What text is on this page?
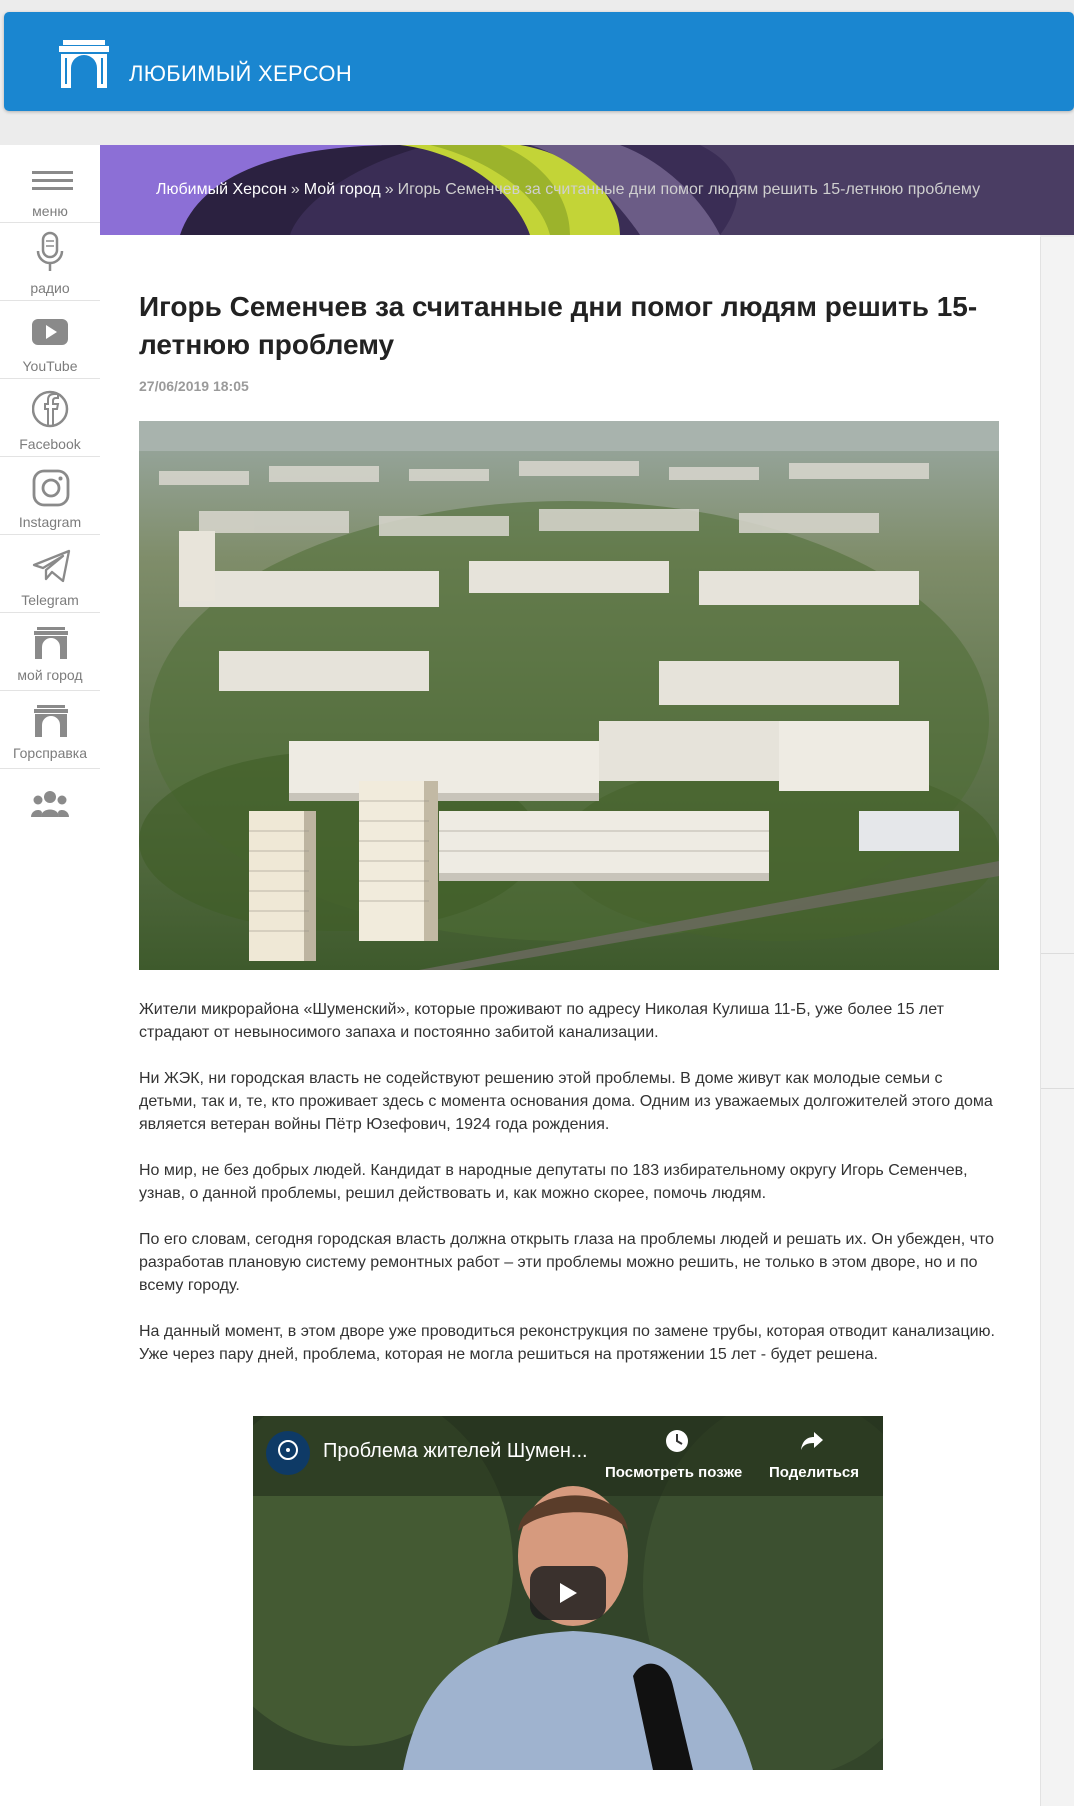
ЛЮБИМЫЙ ХЕРСОН
меню
радио
YouTube
Facebook
Instagram
Telegram
мой город
Горсправка
Любимый Херсон » Мой город » Игорь Семенчев за считанные дни помог людям решить 15-летнюю проблему
Игорь Семенчев за считанные дни помог людям решить 15-летнюю проблему
27/06/2019 18:05

Жители микрорайона «Шуменский», которые проживают по адресу Николая Кулиша 11-Б, уже более 15 лет страдают от невыносимого запаха и постоянно забитой канализации.

Ни ЖЭК, ни городская власть не содействуют решению этой проблемы. В доме живут как молодые семьи с детьми, так и, те, кто проживает здесь с момента основания дома. Одним из уважаемых долгожителей этого дома является ветеран войны Пётр Юзефович, 1924 года рождения.

Но мир, не без добрых людей. Кандидат в народные депутаты по 183 избирательному округу Игорь Семенчев, узнав, о данной проблемы, решил действовать и, как можно скорее, помочь людям.

По его словам, сегодня городская власть должна открыть глаза на проблемы людей и решать их. Он убежден, что разработав плановую систему ремонтных работ – эти проблемы можно решить, не только в этом дворе, но и по всему городу.

На данный момент, в этом дворе уже проводиться реконструкция по замене трубы, которая отводит канализацию. Уже через пару дней, проблема, которая не могла решиться на протяжении 15 лет - будет решена.

Проблема жителей Шумен...
Посмотреть позже Поделиться
